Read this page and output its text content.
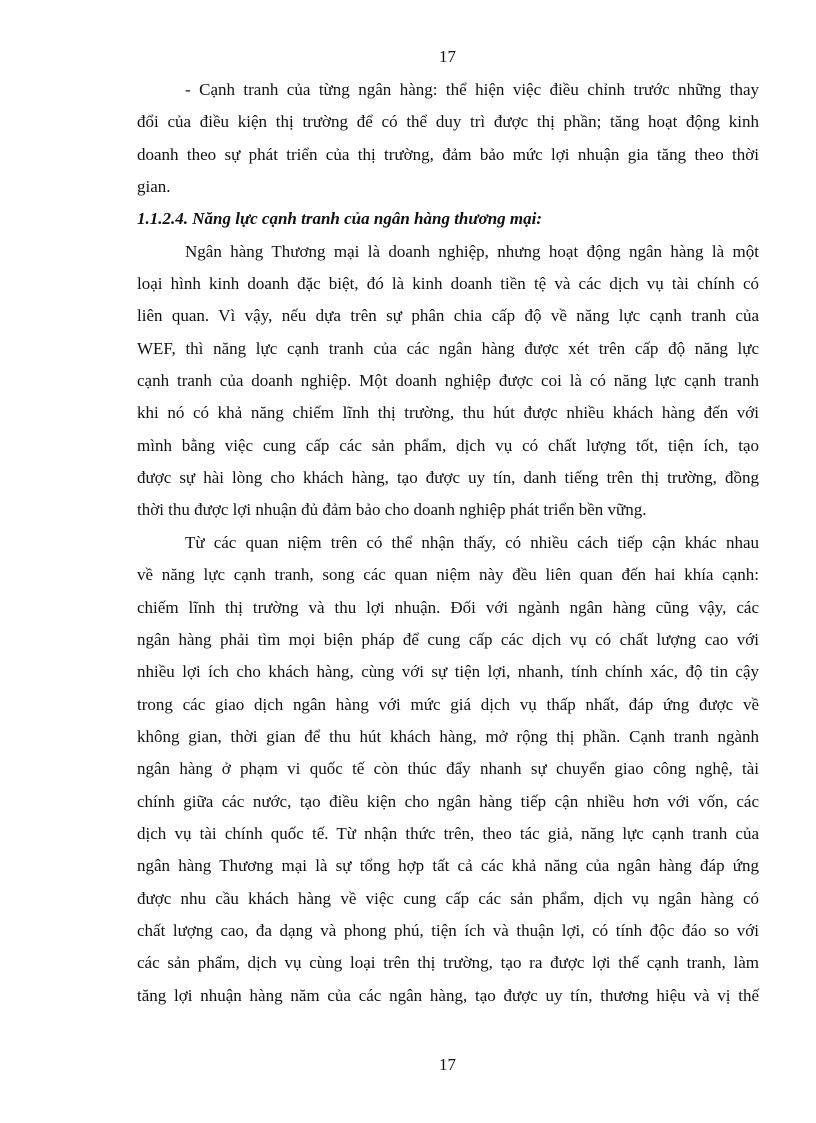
17
- Cạnh tranh của từng ngân hàng: thể hiện việc điều chỉnh trước những thay
đổi của điều kiện thị trường để có thể duy trì được thị phần; tăng hoạt động kinh
doanh theo sự phát triển của thị trường, đảm bảo mức lợi nhuận gia tăng theo thời
gian.
1.1.2.4. Năng lực cạnh tranh của ngân hàng thương mại:
Ngân hàng Thương mại là doanh nghiệp, nhưng hoạt động ngân hàng là một
loại hình kinh doanh đặc biệt, đó là kinh doanh tiền tệ và các dịch vụ tài chính có
liên quan. Vì vậy, nếu dựa trên sự phân chia cấp độ về năng lực cạnh tranh của
WEF, thì năng lực cạnh tranh của các ngân hàng được xét trên cấp độ năng lực
cạnh tranh của doanh nghiệp. Một doanh nghiệp được coi là có năng lực cạnh tranh
khi nó có khả năng chiếm lĩnh thị trường, thu hút được nhiều khách hàng đến với
mình bằng việc cung cấp các sản phẩm, dịch vụ có chất lượng tốt, tiện ích, tạo
được sự hài lòng cho khách hàng, tạo được uy tín, danh tiếng trên thị trường, đồng
thời thu được lợi nhuận đủ đảm bảo cho doanh nghiệp phát triển bền vững.
Từ các quan niệm trên có thể nhận thấy, có nhiều cách tiếp cận khác nhau
về năng lực cạnh tranh, song các quan niệm này đều liên quan đến hai khía cạnh:
chiếm lĩnh thị trường và thu lợi nhuận. Đối với ngành ngân hàng cũng vậy, các
ngân hàng phải tìm mọi biện pháp để cung cấp các dịch vụ có chất lượng cao với
nhiều lợi ích cho khách hàng, cùng với sự tiện lợi, nhanh, tính chính xác, độ tin cậy
trong các giao dịch ngân hàng với mức giá dịch vụ thấp nhất, đáp ứng được về
không gian, thời gian để thu hút khách hàng, mở rộng thị phần. Cạnh tranh ngành
ngân hàng ở phạm vi quốc tế còn thúc đẩy nhanh sự chuyển giao công nghệ, tài
chính giữa các nước, tạo điều kiện cho ngân hàng tiếp cận nhiều hơn với vốn, các
dịch vụ tài chính quốc tế. Từ nhận thức trên, theo tác giả, năng lực cạnh tranh của
ngân hàng Thương mại là sự tổng hợp tất cả các khả năng của ngân hàng đáp ứng
được nhu cầu khách hàng về việc cung cấp các sản phẩm, dịch vụ ngân hàng có
chất lượng cao, đa dạng và phong phú, tiện ích và thuận lợi, có tính độc đáo so với
các sản phẩm, dịch vụ cùng loại trên thị trường, tạo ra được lợi thế cạnh tranh, làm
tăng lợi nhuận hàng năm của các ngân hàng, tạo được uy tín, thương hiệu và vị thế
17
